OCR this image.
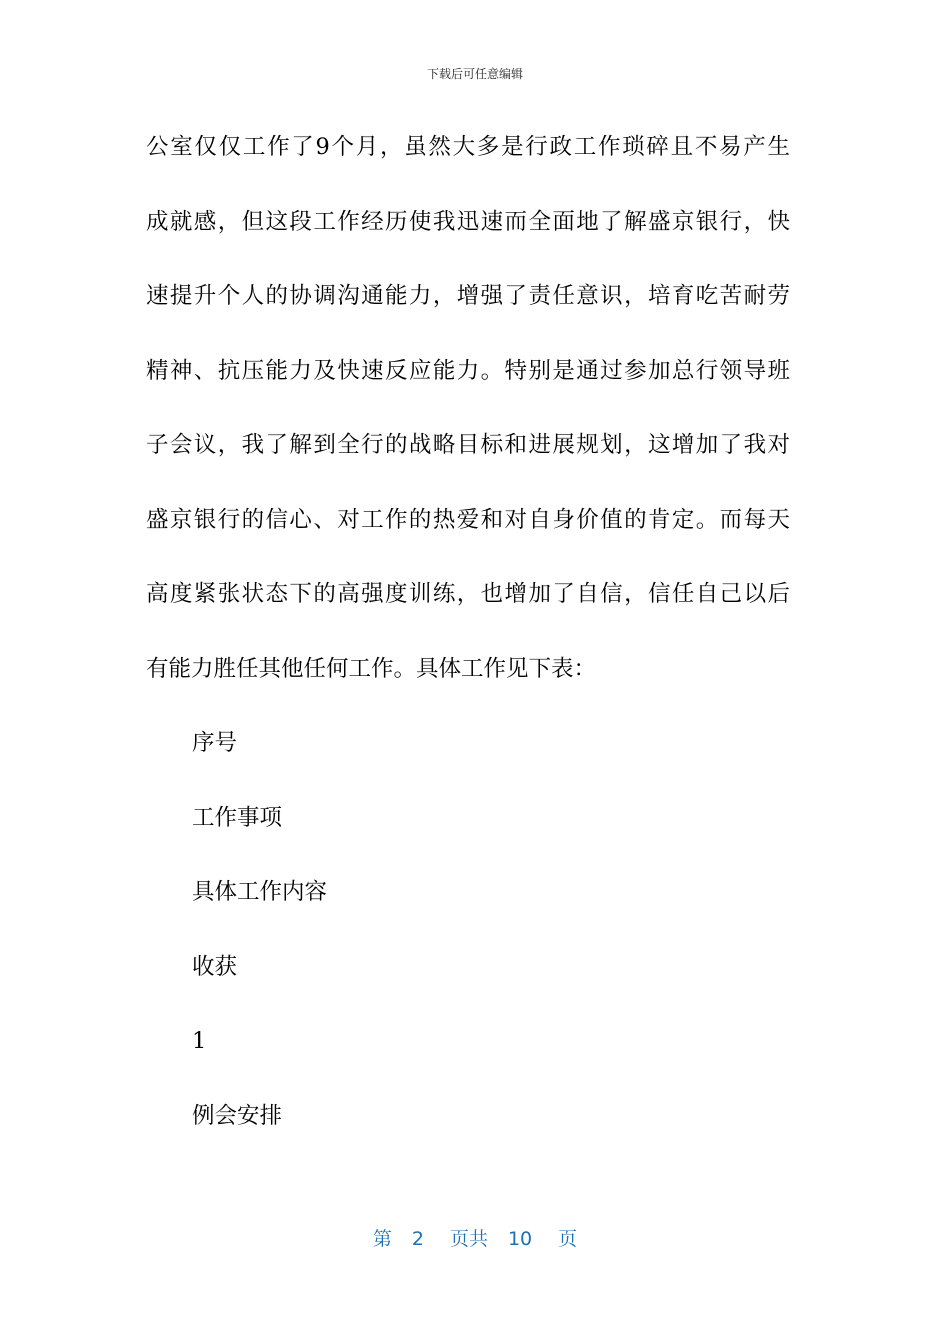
下载后可任意编辑
公室仅仅工作了9个月，虽然大多是行政工作琐碎且不易产生
成就感，但这段工作经历使我迅速而全面地了解盛京银行，快
速提升个人的协调沟通能力，增强了责任意识，培育吃苦耐劳
精神、抗压能力及快速反应能力。特别是通过参加总行领导班
子会议，我了解到全行的战略目标和进展规划，这增加了我对
盛京银行的信心、对工作的热爱和对自身价值的肯定。而每天
高度紧张状态下的高强度训练，也增加了自信，信任自己以后
有能力胜任其他任何工作。具体工作见下表：
序号
工作事项
具体工作内容
收获
1
例会安排
第 2 页共 10 页
